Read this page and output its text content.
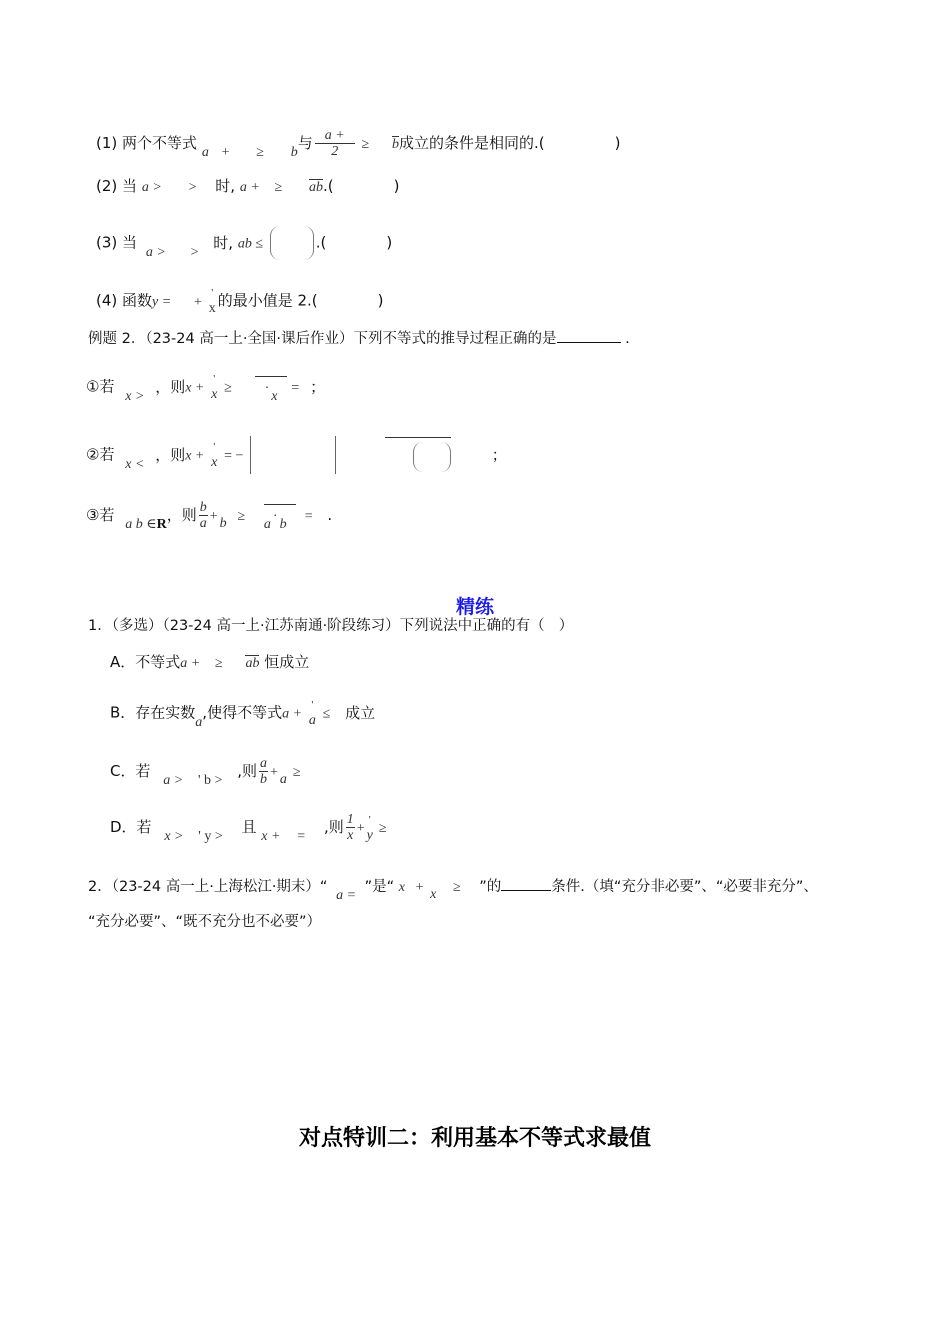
(1) 两个不等式 a + ≥ b与 $\frac{a +}{2} \ge b$成立的条件是相同的.(	)
(2) 当 a > > 时, a + ≥ ab.(	)
(3) 当 a > > 时, ab ≤	.(	)
(4) 函数y = +
'
x 的最小值是 2.(	)
例题 2．（23-24 高一上·全国·课后作业）下列不等式的推导过程正确的是	.
①若 x > ，则x +
'
x ≥ ·x = ；
②若 x < ，则x +
'
x = −	；
③若 a b ∈R，则 $\frac{b}{a}$ +
b ≥ a·b = .
精练
1．（多选）（23-24 高一上·江苏南通·阶段练习）下列说法中正确的有（ ）
A．不等式a + ≥ ab 恒成立
B．存在实数a,使得不等式a +
'
a ≤ 成立
C．若 a > ' b > ,则 $\frac{a}{b}$ +
a ≥
D．若 x > ' y > 且 x + = ,则 $\frac{1}{x}$ +
'
y ≥
2．（23-24 高一上·上海松江·期末）“ a = ”是“ x +
x ≥ ”的	条件.（填“充分非必要”、“必要非充分”、
“充分必要”、“既不充分也不必要”）
对点特训二：利用基本不等式求最值
